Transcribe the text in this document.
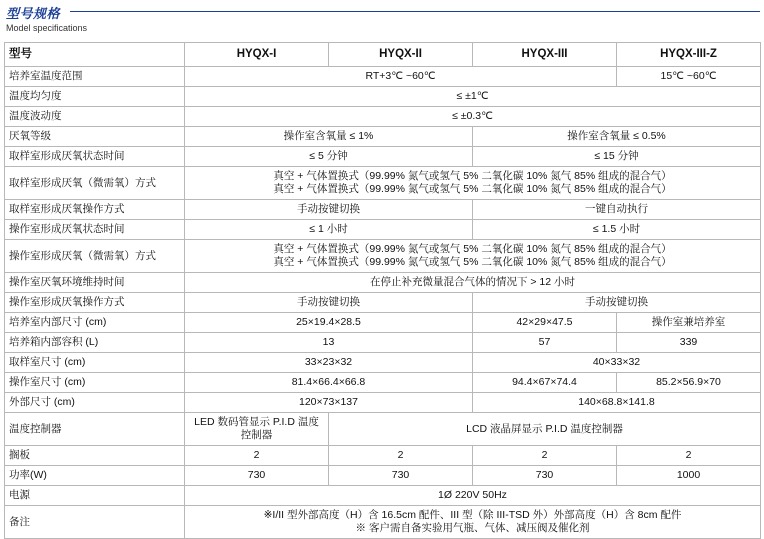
型号规格
Model specifications
型号	HYQX-I	HYQX-II	HYQX-III	HYQX-III-Z
培养室温度范围	RT+3℃ ~60℃			15℃ ~60℃
温度均匀度	≤ ±1℃			
温度波动度	≤ ±0.3℃			
厌氧等级	操作室含氧量 ≤ 1%		操作室含氧量 ≤ 0.5%	
取样室形成厌氧状态时间	≤ 5 分钟		≤ 15 分钟	
取样室形成厌氧（微需氧）方式	真空 + 气体置换式（99.99% 氮气或氢气 5% 二氧化碳 10% 氮气 85% 组成的混合气）
真空 + 气体置换式（99.99% 氮气或氢气 5% 二氧化碳 10% 氮气 85% 组成的混合气）			
取样室形成厌氧操作方式	手动按键切换		一键自动执行	
操作室形成厌氧状态时间	≤ 1 小时		≤ 1.5 小时	
操作室形成厌氧（微需氧）方式	真空 + 气体置换式（99.99% 氮气或氢气 5% 二氧化碳 10% 氮气 85% 组成的混合气）
真空 + 气体置换式（99.99% 氮气或氢气 5% 二氧化碳 10% 氮气 85% 组成的混合气）			
操作室厌氧环境维持时间	在停止补充微量混合气体的情况下 > 12 小时			
操作室形成厌氧操作方式	手动按键切换		手动按键切换	
培养室内部尺寸 (cm)	25×19.4×28.5		42×29×47.5	操作室兼培养室
培养箱内部容积 (L)	13		57	339
取样室尺寸 (cm)	33×23×32		40×33×32	
操作室尺寸 (cm)	81.4×66.4×66.8		94.4×67×74.4	85.2×56.9×70
外部尺寸 (cm)	120×73×137		140×68.8×141.8	
温度控制器	LED 数码管显示 P.I.D 温度控制器	LCD 液晶屏显示 P.I.D 温度控制器		
搁板	2	2	2	2
功率(W)	730	730	730	1000
电源	1Ø 220V 50Hz			
备注	※I/II 型外部高度（H）含 16.5cm 配件、III 型（除 III-TSD 外）外部高度（H）含 8cm 配件
※ 客户需自备实验用气瓶、气体、减压阀及催化剂			
